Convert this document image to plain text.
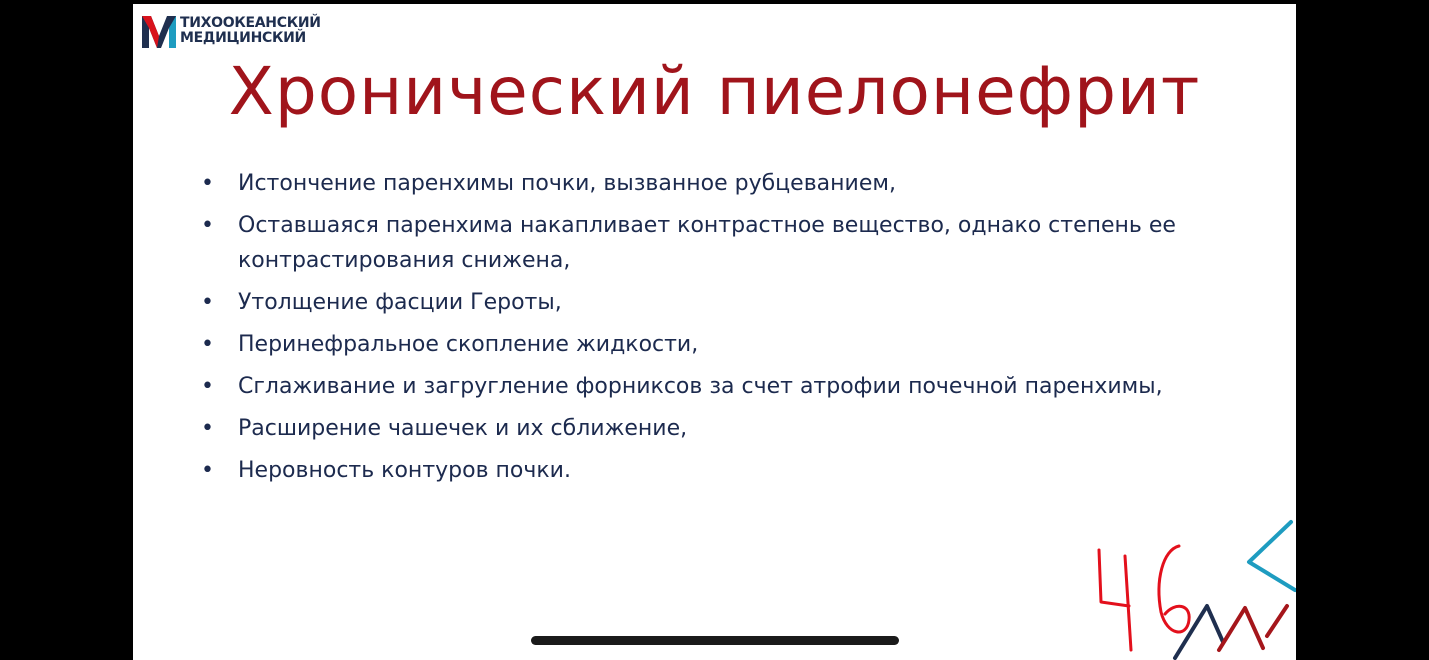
ТИХООКЕАНСКИЙ
МЕДИЦИНСКИЙ
Хронический пиелонефрит
• Истончение паренхимы почки, вызванное рубцеванием,
• Оставшаяся паренхима накапливает контрастное вещество, однако степень ее контрастирования снижена,
• Утолщение фасции Героты,
• Перинефральное скопление жидкости,
• Сглаживание и загругление форниксов за счет атрофии почечной паренхимы,
• Расширение чашечек и их сближение,
• Неровность контуров почки.
